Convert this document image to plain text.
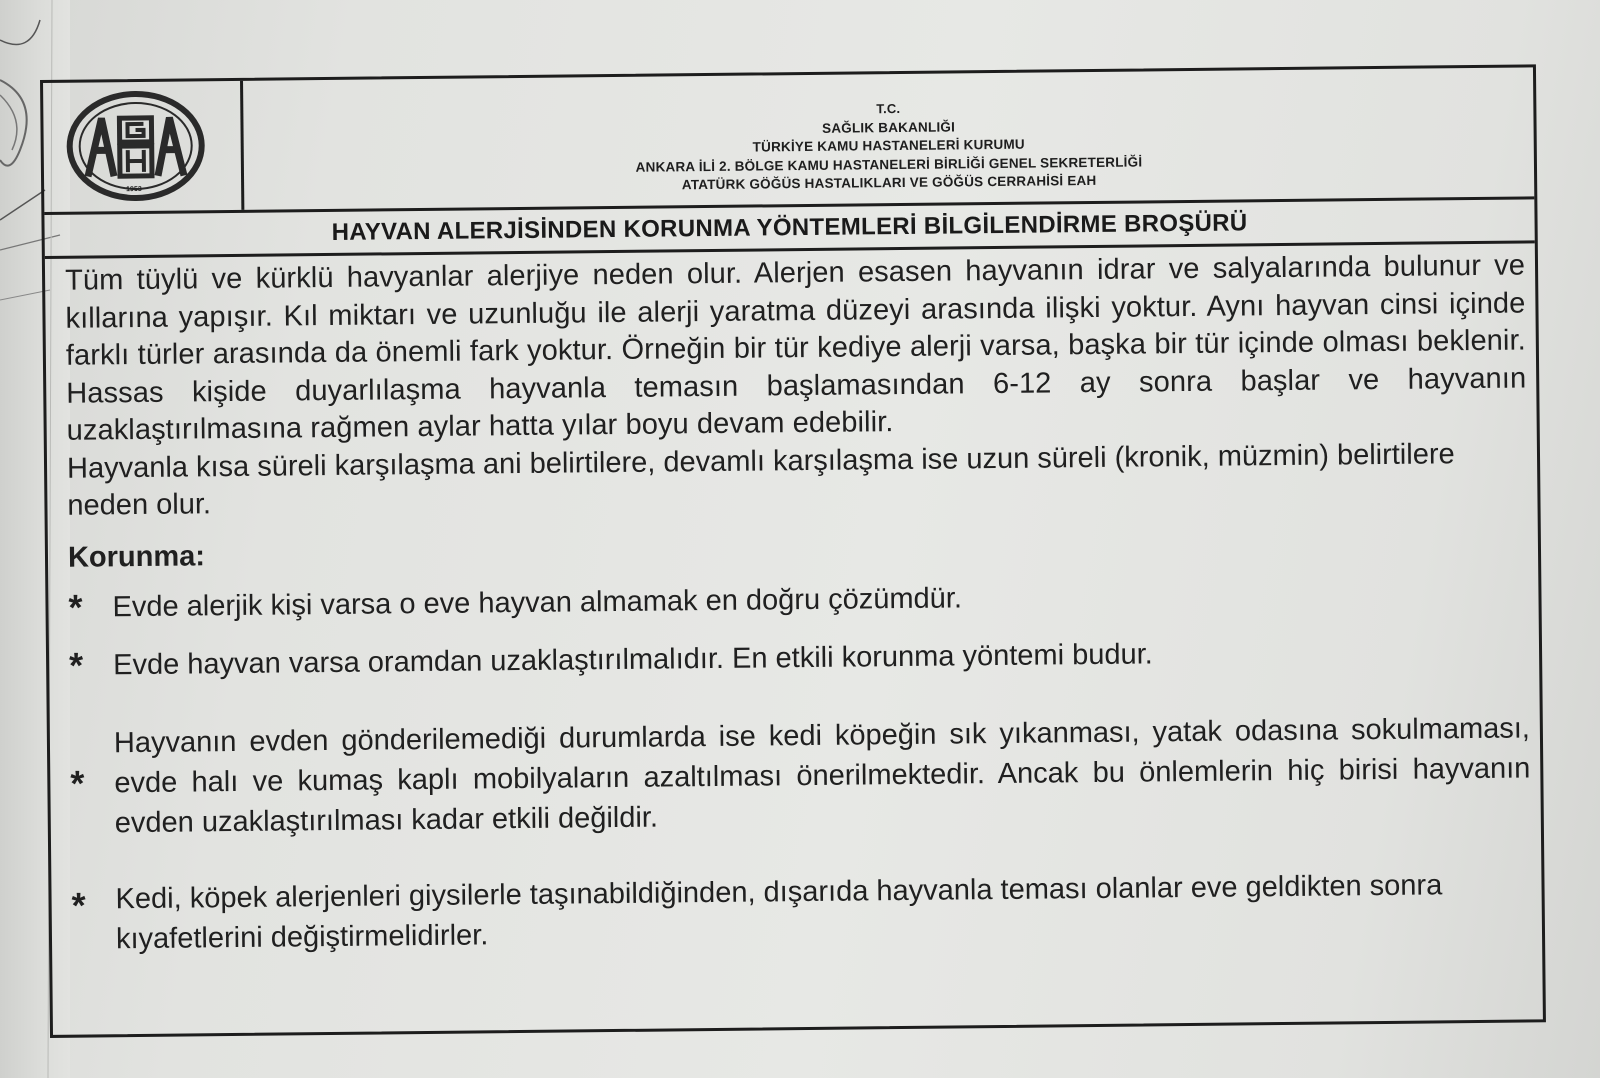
1953
T.C.
SAĞLIK BAKANLIĞI
TÜRKİYE KAMU HASTANELERİ KURUMU
ANKARA İLİ 2. BÖLGE KAMU HASTANELERİ BİRLİĞİ GENEL SEKRETERLİĞİ
ATATÜRK GÖĞÜS HASTALIKLARI VE GÖĞÜS CERRAHİSİ EAH
HAYVAN ALERJİSİNDEN KORUNMA YÖNTEMLERİ BİLGİLENDİRME BROŞÜRÜ

Tüm tüylü ve kürklü havyanlar alerjiye neden olur. Alerjen esasen hayvanın idrar ve salyalarında bulunur ve kıllarına yapışır. Kıl miktarı ve uzunluğu ile alerji yaratma düzeyi arasında ilişki yoktur. Aynı hayvan cinsi içinde farklı türler arasında da önemli fark yoktur. Örneğin bir tür kediye alerji varsa, başka bir tür içinde olması beklenir. Hassas kişide duyarlılaşma hayvanla temasın başlamasından 6-12 ay sonra başlar ve hayvanın uzaklaştırılmasına rağmen aylar hatta yılar boyu devam edebilir.

Hayvanla kısa süreli karşılaşma ani belirtilere, devamlı karşılaşma ise uzun süreli (kronik, müzmin) belirtilere neden olur.

Korunma:
* Evde alerjik kişi varsa o eve hayvan almamak en doğru çözümdür.
* Evde hayvan varsa oramdan uzaklaştırılmalıdır. En etkili korunma yöntemi budur.
*
Hayvanın evden gönderilemediği durumlarda ise kedi köpeğin sık yıkanması, yatak odasına sokulmaması, evde halı ve kumaş kaplı mobilyaların azaltılması önerilmektedir. Ancak bu önlemlerin hiç birisi hayvanın evden uzaklaştırılması kadar etkili değildir.
* Kedi, köpek alerjenleri giysilerle taşınabildiğinden, dışarıda hayvanla teması olanlar eve geldikten sonra kıyafetlerini değiştirmelidirler.
